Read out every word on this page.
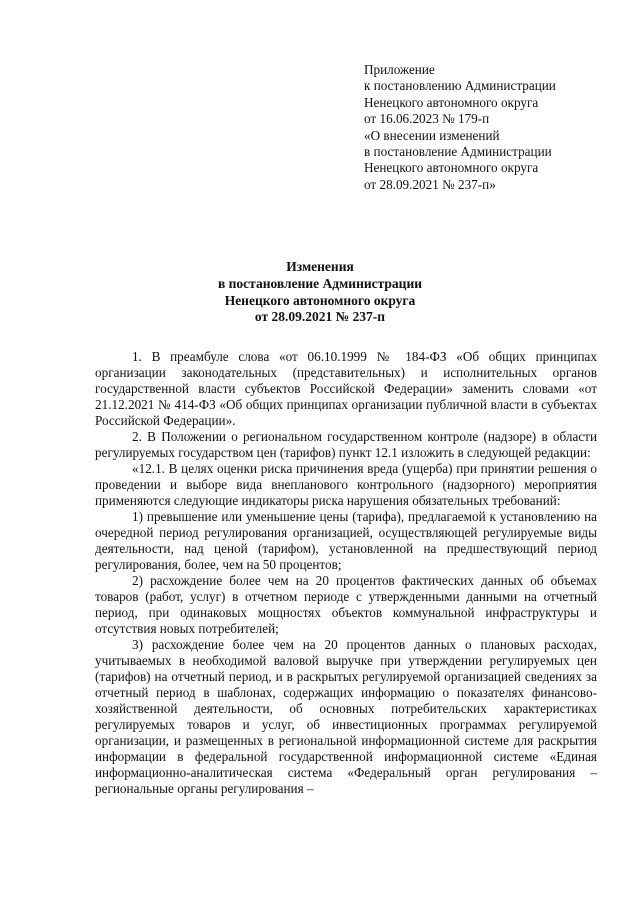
Приложение
к постановлению Администрации
Ненецкого автономного округа
от 16.06.2023 № 179-п
«О внесении изменений
в постановление Администрации
Ненецкого автономного округа
от 28.09.2021 № 237-п»
Изменения
в постановление Администрации
Ненецкого автономного округа
от 28.09.2021 № 237-п

1. В преамбуле слова «от 06.10.1999 № 184-ФЗ «Об общих принципах организации законодательных (представительных) и исполнительных органов государственной власти субъектов Российской Федерации» заменить словами «от 21.12.2021 № 414-ФЗ «Об общих принципах организации публичной власти в субъектах Российской Федерации».

2. В Положении о региональном государственном контроле (надзоре) в области регулируемых государством цен (тарифов) пункт 12.1 изложить в следующей редакции:

«12.1. В целях оценки риска причинения вреда (ущерба) при принятии решения о проведении и выборе вида внепланового контрольного (надзорного) мероприятия применяются следующие индикаторы риска нарушения обязательных требований:

1) превышение или уменьшение цены (тарифа), предлагаемой к установлению на очередной период регулирования организацией, осуществляющей регулируемые виды деятельности, над ценой (тарифом), установленной на предшествующий период регулирования, более, чем на 50 процентов;

2) расхождение более чем на 20 процентов фактических данных об объемах товаров (работ, услуг) в отчетном периоде с утвержденными данными на отчетный период, при одинаковых мощностях объектов коммунальной инфраструктуры и отсутствия новых потребителей;

3) расхождение более чем на 20 процентов данных о плановых расходах, учитываемых в необходимой валовой выручке при утверждении регулируемых цен (тарифов) на отчетный период, и в раскрытых регулируемой организацией сведениях за отчетный период в шаблонах, содержащих информацию о показателях финансово-хозяйственной деятельности, об основных потребительских характеристиках регулируемых товаров и услуг, об инвестиционных программах регулируемой организации, и размещенных в региональной информационной системе для раскрытия информации в федеральной государственной информационной системе «Единая информационно-аналитическая система «Федеральный орган регулирования – региональные органы регулирования –
